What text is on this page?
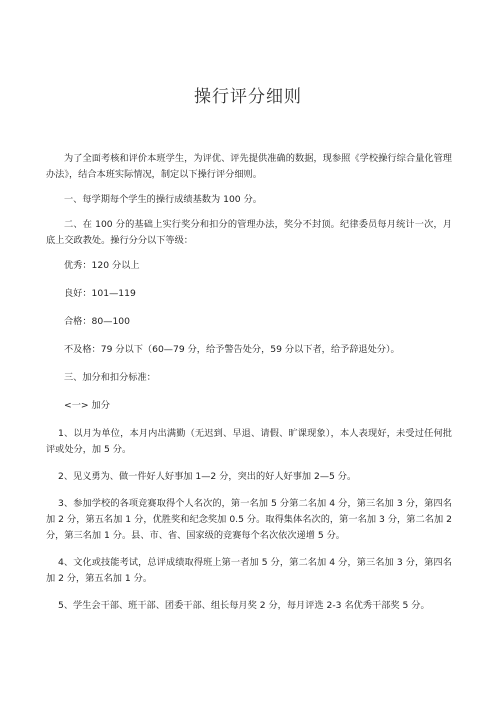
操行评分细则

为了全面考核和评价本班学生，为评优、评先提供准确的数据，现参照《学校操行综合量化管理办法》，结合本班实际情况，制定以下操行评分细则。

一、每学期每个学生的操行成绩基数为 100 分。

二、在 100 分的基础上实行奖分和扣分的管理办法，奖分不封顶。纪律委员每月统计一次，月底上交政教处。操行分分以下等级：

优秀：120 分以上

良好：101—119

合格：80—100

不及格：79 分以下（60—79 分，给予警告处分，59 分以下者，给予辞退处分）。

三、加分和扣分标准：

<一> 加分

1、以月为单位，本月内出满勤（无迟到、早退、请假、旷课现象），本人表现好，未受过任何批评或处分，加 5 分。

2、见义勇为、做一件好人好事加 1—2 分，突出的好人好事加 2—5 分。

3、参加学校的各项竞赛取得个人名次的，第一名加 5 分第二名加 4 分，第三名加 3 分，第四名加 2 分，第五名加 1 分，优胜奖和纪念奖加 0.5 分。取得集体名次的，第一名加 3 分，第二名加 2 分，第三名加 1 分。县、市、省、国家级的竞赛每个名次依次递增 5 分。

4、文化或技能考试，总评成绩取得班上第一者加 5 分，第二名加 4 分，第三名加 3 分，第四名加 2 分，第五名加 1 分。

5、学生会干部、班干部、团委干部、组长每月奖 2 分，每月评选 2-3 名优秀干部奖 5 分。
